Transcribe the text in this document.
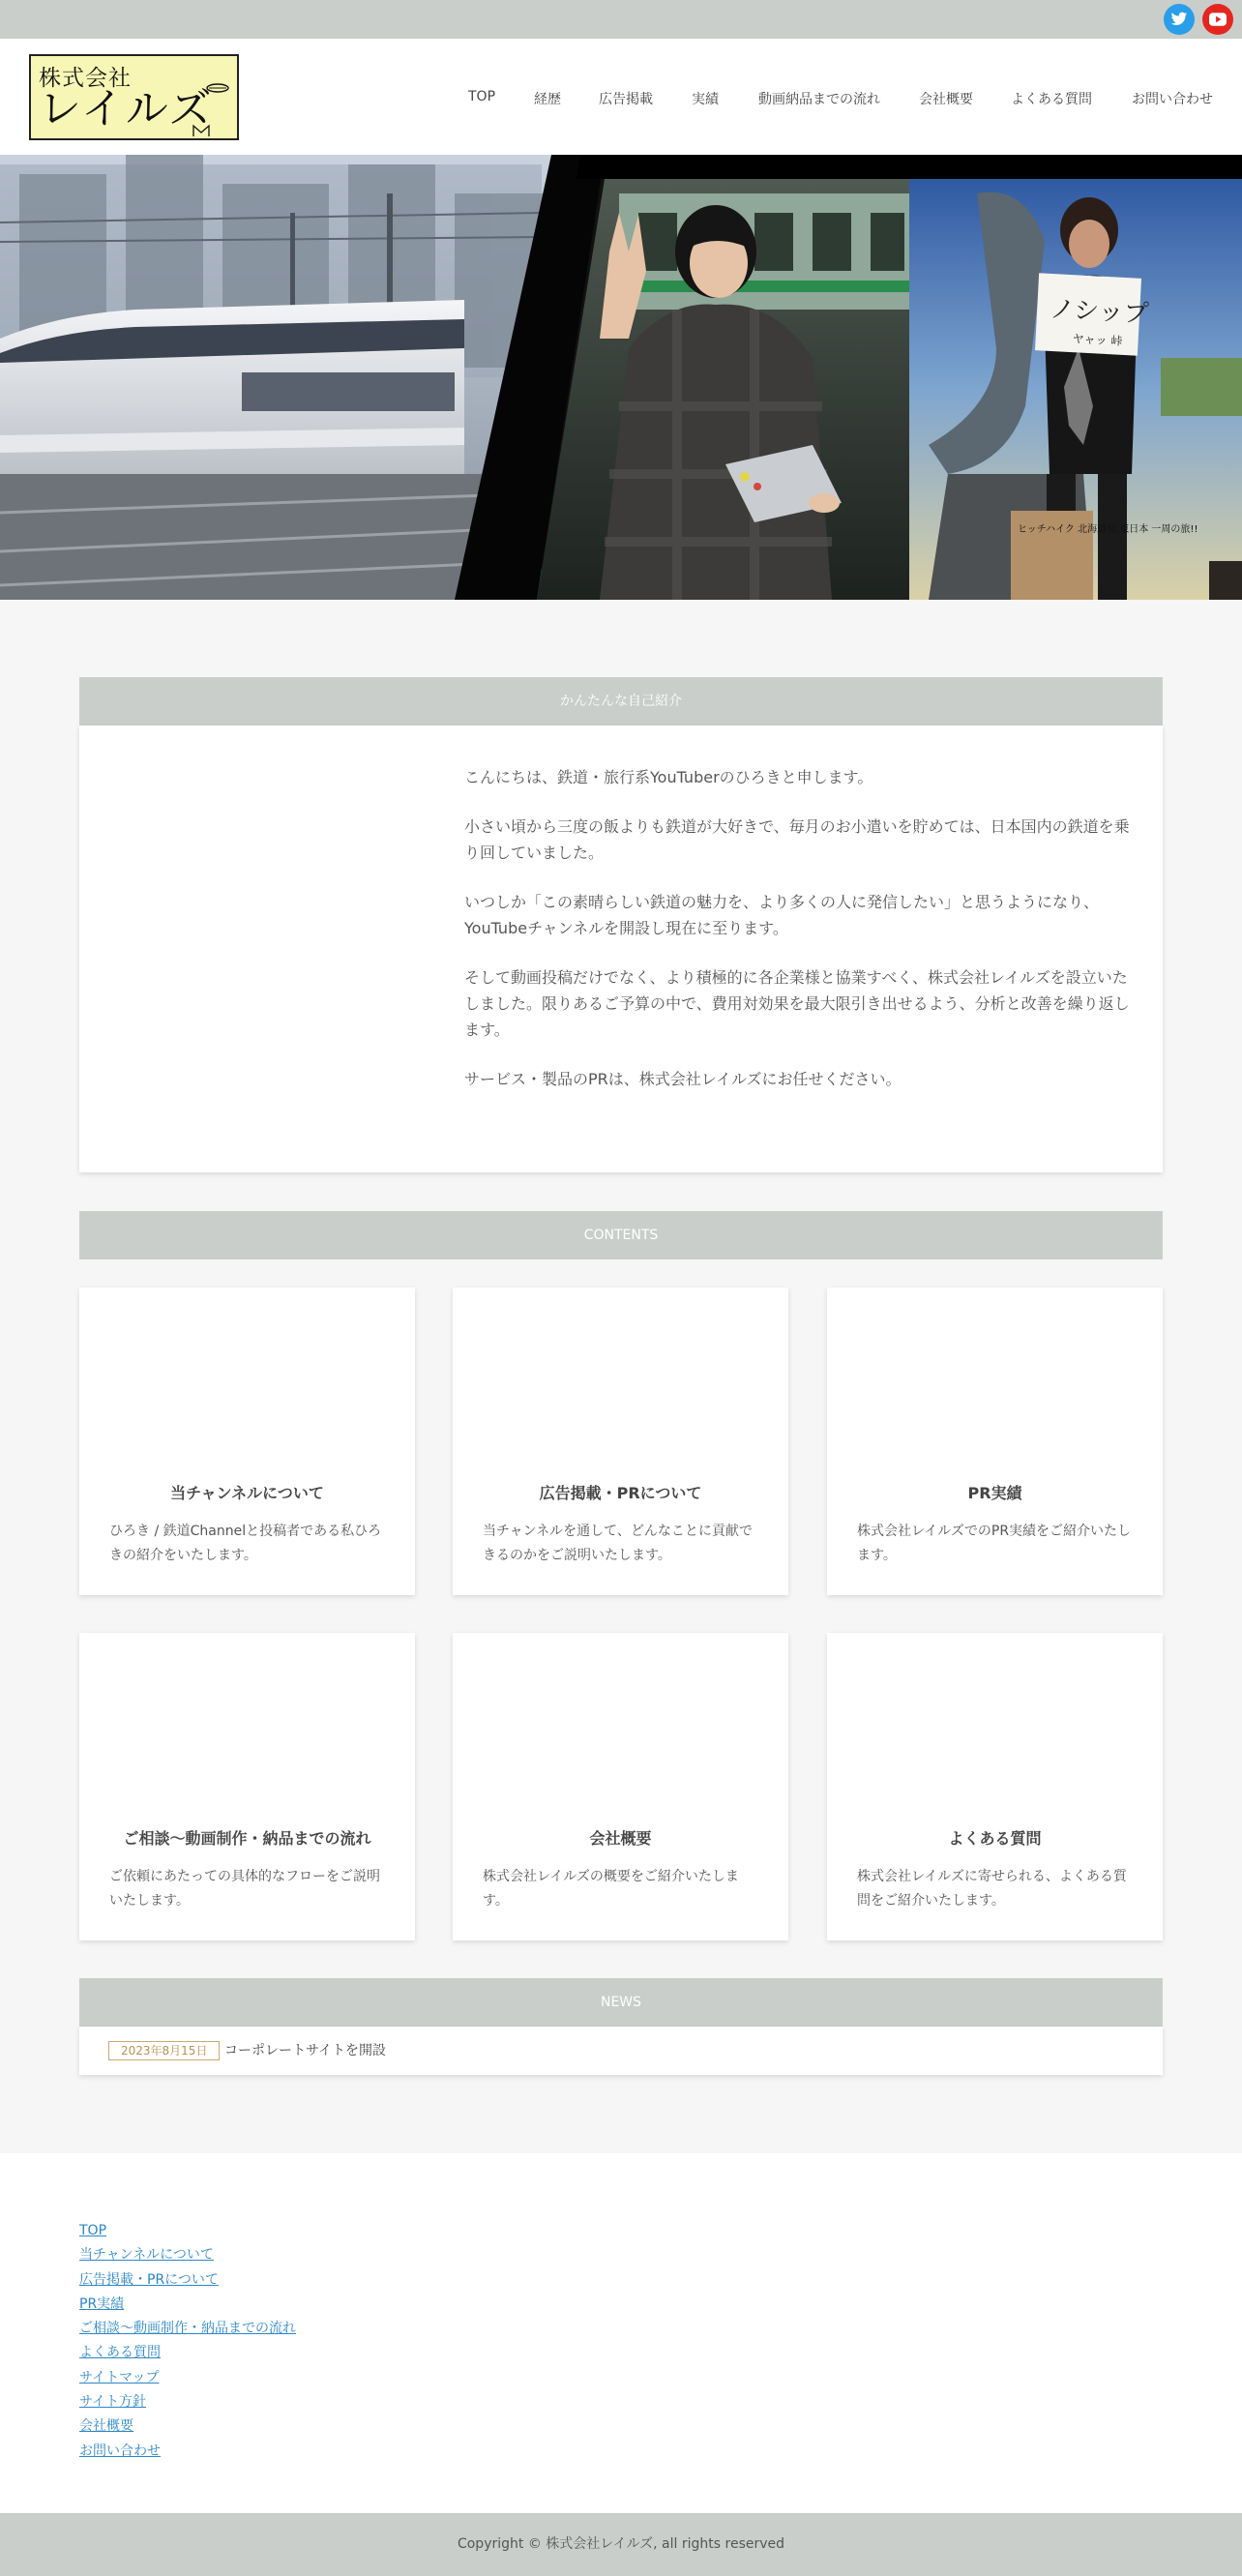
株式会社
レイルズ	TOP	経歴	広告掲載	実績	動画納品までの流れ	会社概要	よくある質問	お問い合わせ
ノシップ
ヤャッ 峠
ヒッチハイク 北海道発 東日本 一周の旅!!
かんたんな自己紹介

こんにちは、鉄道・旅行系YouTuberのひろきと申します。

小さい頃から三度の飯よりも鉄道が大好きで、毎月のお小遣いを貯めては、日本国内の鉄道を乗り回していました。

いつしか「この素晴らしい鉄道の魅力を、より多くの人に発信したい」と思うようになり、YouTubeチャンネルを開設し現在に至ります。

そして動画投稿だけでなく、より積極的に各企業様と協業すべく、株式会社レイルズを設立いたしました。限りあるご予算の中で、費用対効果を最大限引き出せるよう、分析と改善を繰り返します。

サービス・製品のPRは、株式会社レイルズにお任せください。

CONTENTS
当チャンネルについて
ひろき / 鉄道Channelと投稿者である私ひろきの紹介をいたします。
広告掲載・PRについて
当チャンネルを通して、どんなことに貢献できるのかをご説明いたします。
PR実績
株式会社レイルズでのPR実績をご紹介いたします。
ご相談〜動画制作・納品までの流れ
ご依頼にあたっての具体的なフローをご説明いたします。
会社概要
株式会社レイルズの概要をご紹介いたします。
よくある質問
株式会社レイルズに寄せられる、よくある質問をご紹介いたします。
NEWS
2023年8月15日	コーポレートサイトを開設
TOP
当チャンネルについて
広告掲載・PRについて
PR実績
ご相談〜動画制作・納品までの流れ
よくある質問
サイトマップ
サイト方針
会社概要
お問い合わせ
Copyright © 株式会社レイルズ, all rights reserved
